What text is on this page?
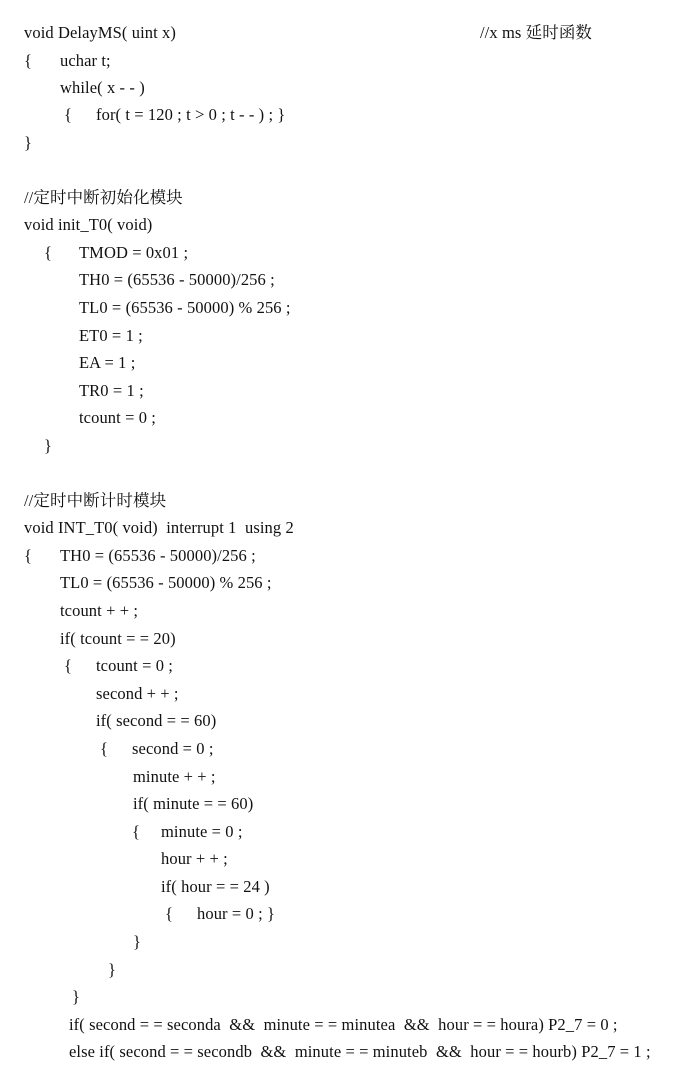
void DelayMS( uint x)	//x ms 延时函数
{ uchar t;
while( x - - )
{ for( t = 120 ; t > 0 ; t - - ) ; }
}
//定时中断初始化模块
void init_T0( void)
{ TMOD = 0x01 ;
TH0 = (65536 - 50000)/256 ;
TL0 = (65536 - 50000) % 256 ;
ET0 = 1 ;
EA = 1 ;
TR0 = 1 ;
tcount = 0 ;
}
//定时中断计时模块
void INT_T0( void)  interrupt 1  using 2
{ TH0 = (65536 - 50000)/256 ;
TL0 = (65536 - 50000) % 256 ;
tcount + + ;
if( tcount = = 20)
{ tcount = 0 ;
second + + ;
if( second = = 60)
{ second = 0 ;
minute + + ;
if( minute = = 60)
{ minute = 0 ;
hour + + ;
if( hour = = 24 )
{ hour = 0 ; }
}
}
}
if( second = = seconda  &&  minute = = minutea  &&  hour = = houra) P2_7 = 0 ;
else if( second = = secondb  &&  minute = = minuteb  &&  hour = = hourb) P2_7 = 1 ;
